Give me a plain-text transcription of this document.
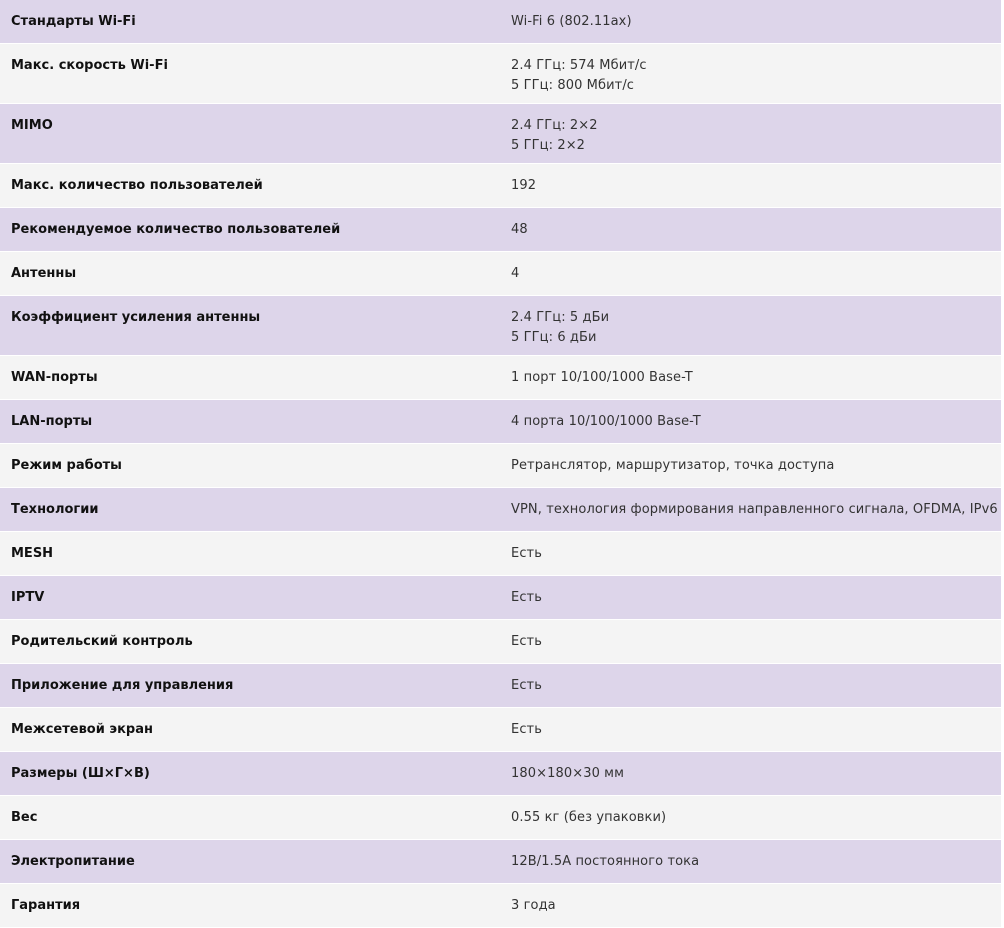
Стандарты Wi-Fi	Wi-Fi 6 (802.11ax)

Макс. скорость Wi-Fi	2.4 ГГц: 574 Мбит/с
5 ГГц: 800 Мбит/с

MIMO	2.4 ГГц: 2×2
5 ГГц: 2×2

Макс. количество пользователей	192

Рекомендуемое количество пользователей	48

Антенны	4

Коэффициент усиления антенны	2.4 ГГц: 5 дБи
5 ГГц: 6 дБи

WAN-порты	1 порт 10/100/1000 Base-T

LAN-порты	4 порта 10/100/1000 Base-T

Режим работы	Ретранслятор, маршрутизатор, точка доступа

Технологии	VPN, технология формирования направленного сигнала, OFDMA, IPv6

MESH	Есть

IPTV	Есть

Родительский контроль	Есть

Приложение для управления	Есть

Межсетевой экран	Есть

Размеры (Ш×Г×В)	180×180×30 мм

Вес	0.55 кг (без упаковки)

Электропитание	12В/1.5А постоянного тока

Гарантия	3 года
